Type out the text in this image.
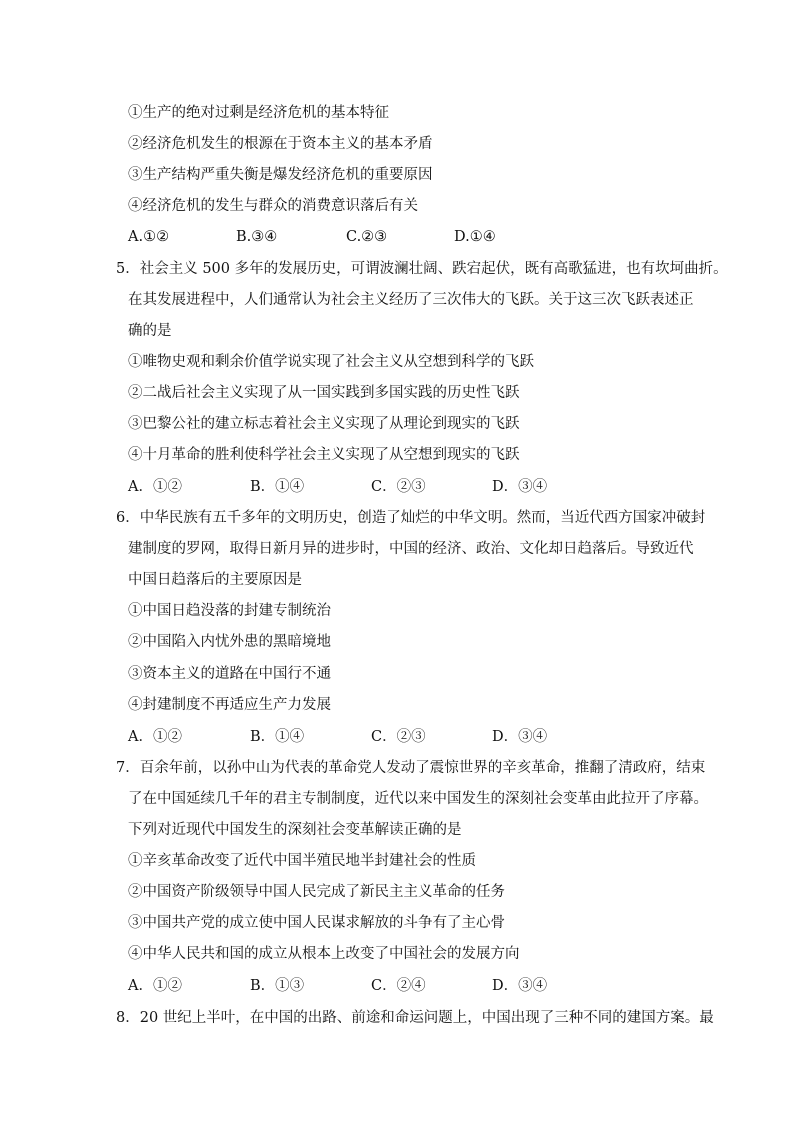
①生产的绝对过剩是经济危机的基本特征
②经济危机发生的根源在于资本主义的基本矛盾
③生产结构严重失衡是爆发经济危机的重要原因
④经济危机的发生与群众的消费意识落后有关
A.①②	B.③④	C.②③	D.①④
5．社会主义 500 多年的发展历史，可谓波澜壮阔、跌宕起伏，既有高歌猛进，也有坎坷曲折。
在其发展进程中，人们通常认为社会主义经历了三次伟大的飞跃。关于这三次飞跃表述正
确的是
①唯物史观和剩余价值学说实现了社会主义从空想到科学的飞跃
②二战后社会主义实现了从一国实践到多国实践的历史性飞跃
③巴黎公社的建立标志着社会主义实现了从理论到现实的飞跃
④十月革命的胜利使科学社会主义实现了从空想到现实的飞跃
A．①②	B．①④	C．②③	D．③④
6．中华民族有五千多年的文明历史，创造了灿烂的中华文明。然而，当近代西方国家冲破封
建制度的罗网，取得日新月异的进步时，中国的经济、政治、文化却日趋落后。导致近代
中国日趋落后的主要原因是
①中国日趋没落的封建专制统治
②中国陷入内忧外患的黑暗境地
③资本主义的道路在中国行不通
④封建制度不再适应生产力发展
A．①②	B．①④	C．②③	D．③④
7．百余年前，以孙中山为代表的革命党人发动了震惊世界的辛亥革命，推翻了清政府，结束
了在中国延续几千年的君主专制制度，近代以来中国发生的深刻社会变革由此拉开了序幕。
下列对近现代中国发生的深刻社会变革解读正确的是
①辛亥革命改变了近代中国半殖民地半封建社会的性质
②中国资产阶级领导中国人民完成了新民主主义革命的任务
③中国共产党的成立使中国人民谋求解放的斗争有了主心骨
④中华人民共和国的成立从根本上改变了中国社会的发展方向
A．①②	B．①③	C．②④	D．③④
8．20 世纪上半叶，在中国的出路、前途和命运问题上，中国出现了三种不同的建国方案。最
